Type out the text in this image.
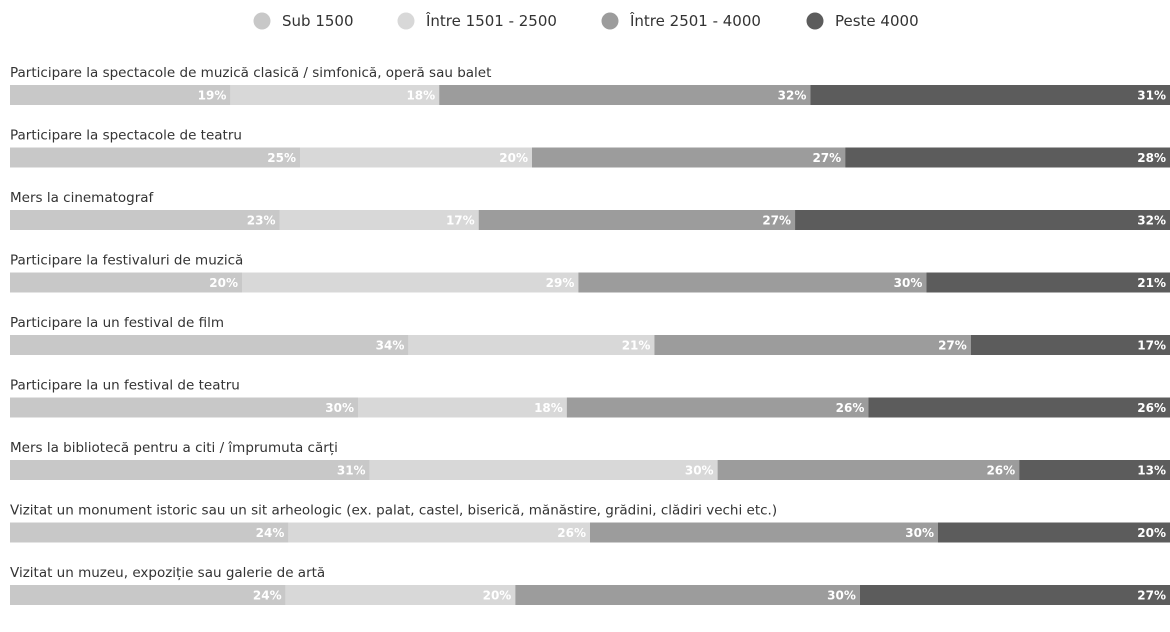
Sub 1500	Între 1501 - 2500	Între 2501 - 4000	Peste 4000
Participare la spectacole de muzică clasică / simfonică, operă sau balet
19%	18%	32%	31%
Participare la spectacole de teatru
25%	20%	27%	28%
Mers la cinematograf
23%	17%	27%	32%
Participare la festivaluri de muzică
20%	29%	30%	21%
Participare la un festival de film
34%	21%	27%	17%
Participare la un festival de teatru
30%	18%	26%	26%
Mers la bibliotecă pentru a citi / împrumuta cărți
31%	30%	26%	13%
Vizitat un monument istoric sau un sit arheologic (ex. palat, castel, biserică, mănăstire, grădini, clădiri vechi etc.)
24%	26%	30%	20%
Vizitat un muzeu, expoziție sau galerie de artă
24%	20%	30%	27%
